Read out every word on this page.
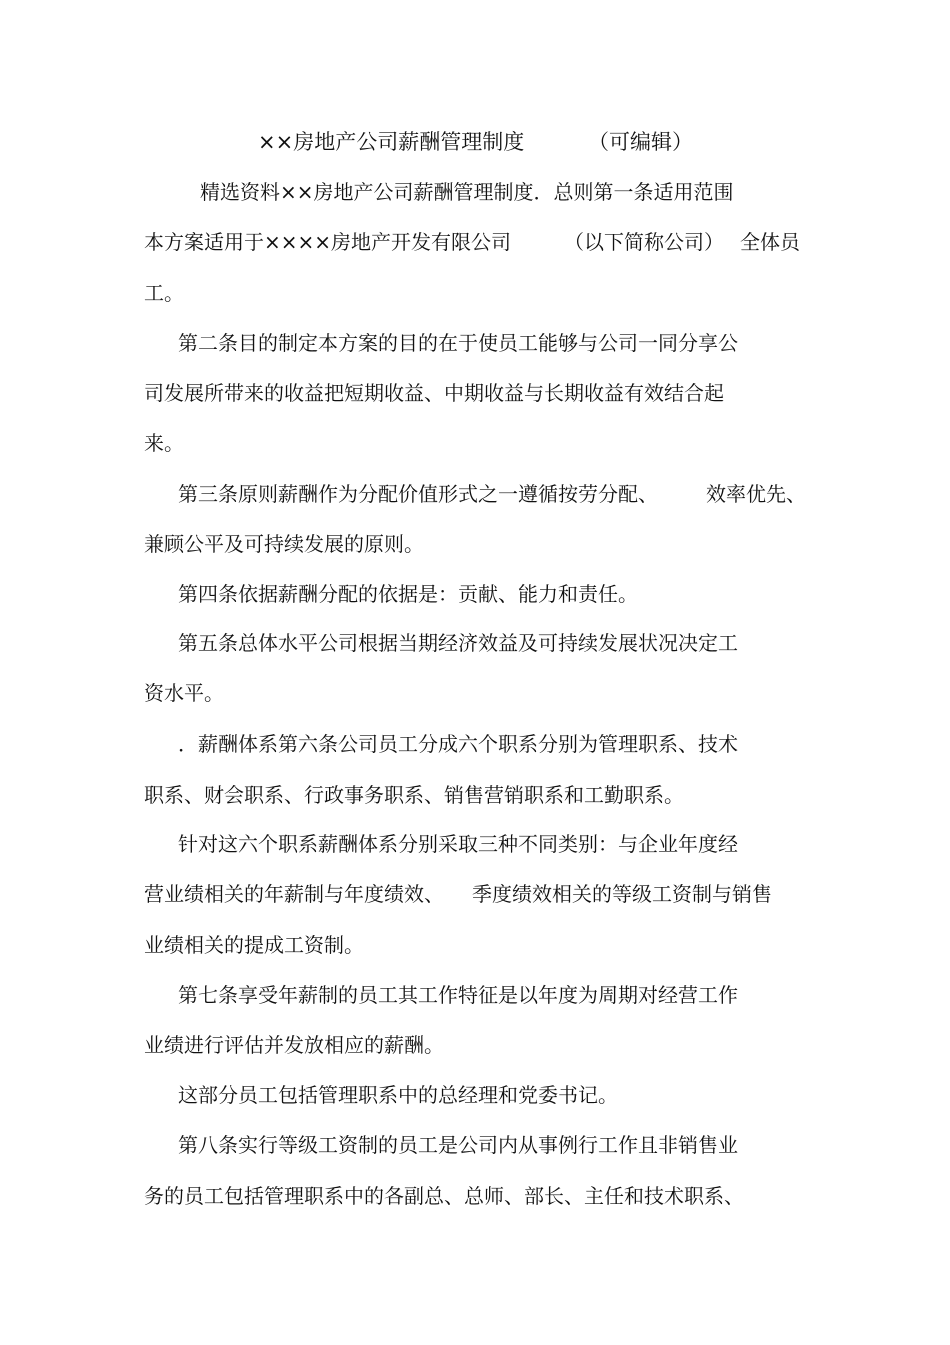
××房地产公司薪酬管理制度	（可编辑）
精选资料××房地产公司薪酬管理制度．总则第一条适用范围
本方案适用于××××房地产开发有限公司	（以下简称公司） 全体员
工。
第二条目的制定本方案的目的在于使员工能够与公司一同分享公
司发展所带来的收益把短期收益、中期收益与长期收益有效结合起
来。
第三条原则薪酬作为分配价值形式之一遵循按劳分配、 效率优先、
兼顾公平及可持续发展的原则。
第四条依据薪酬分配的依据是：贡献、能力和责任。
第五条总体水平公司根据当期经济效益及可持续发展状况决定工
资水平。
．薪酬体系第六条公司员工分成六个职系分别为管理职系、技术
职系、财会职系、行政事务职系、销售营销职系和工勤职系。
针对这六个职系薪酬体系分别采取三种不同类别：与企业年度经
营业绩相关的年薪制与年度绩效、 季度绩效相关的等级工资制与销售
业绩相关的提成工资制。
第七条享受年薪制的员工其工作特征是以年度为周期对经营工作
业绩进行评估并发放相应的薪酬。
这部分员工包括管理职系中的总经理和党委书记。
第八条实行等级工资制的员工是公司内从事例行工作且非销售业
务的员工包括管理职系中的各副总、总师、部长、主任和技术职系、
